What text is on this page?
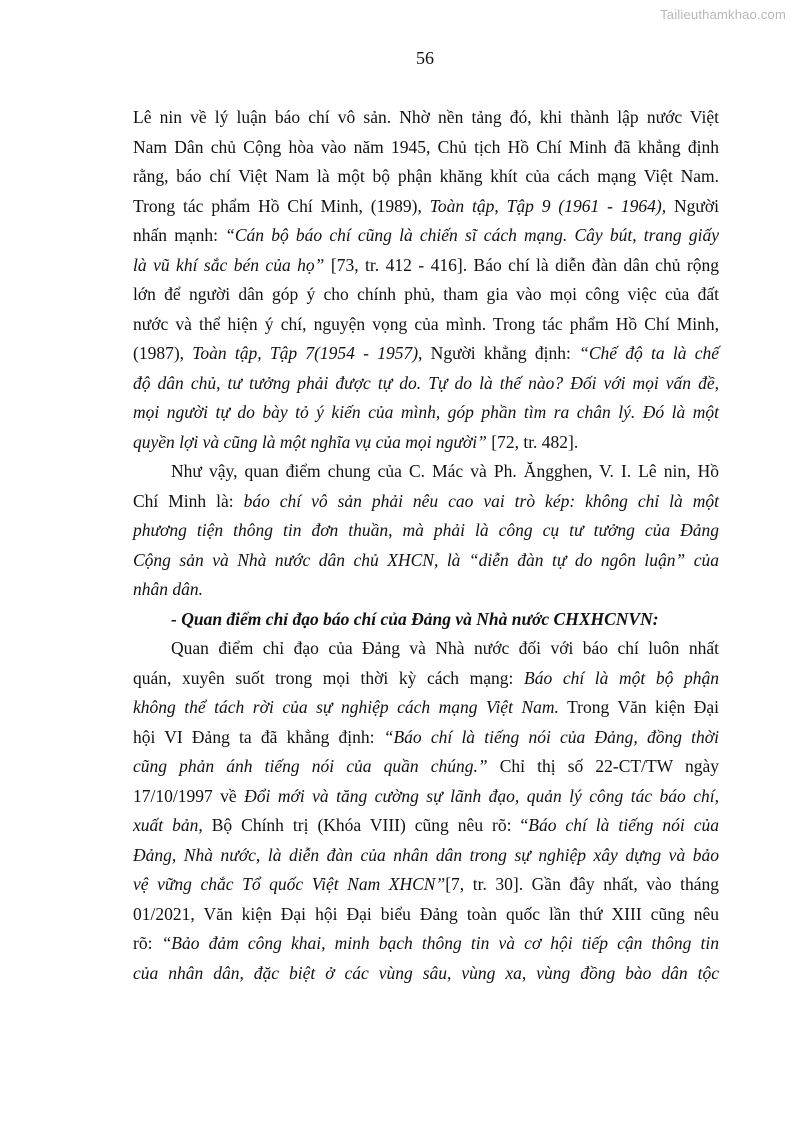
Tailieuthamkhao.com
56
Lê nin về lý luận báo chí vô sản. Nhờ nền tảng đó, khi thành lập nước Việt
Nam Dân chủ Cộng hòa vào năm 1945, Chủ tịch Hồ Chí Minh đã khẳng định
rằng, báo chí Việt Nam là một bộ phận khăng khít của cách mạng Việt Nam.
Trong tác phẩm Hồ Chí Minh, (1989), Toàn tập, Tập 9 (1961 - 1964), Người
nhấn mạnh: “Cán bộ báo chí cũng là chiến sĩ cách mạng. Cây bút, trang giấy
là vũ khí sắc bén của họ” [73, tr. 412 - 416]. Báo chí là diễn đàn dân chủ rộng
lớn để người dân góp ý cho chính phủ, tham gia vào mọi công việc của đất
nước và thể hiện ý chí, nguyện vọng của mình. Trong tác phẩm Hồ Chí Minh,
(1987), Toàn tập, Tập 7(1954 - 1957), Người khẳng định: “Chế độ ta là chế
độ dân chủ, tư tưởng phải được tự do. Tự do là thế nào? Đối với mọi vấn đề,
mọi người tự do bày tỏ ý kiến của mình, góp phần tìm ra chân lý. Đó là một
quyền lợi và cũng là một nghĩa vụ của mọi người” [72, tr. 482].
Như vậy, quan điểm chung của C. Mác và Ph. Ăngghen, V. I. Lê nin, Hồ
Chí Minh là: báo chí vô sản phải nêu cao vai trò kép: không chỉ là một
phương tiện thông tin đơn thuần, mà phải là công cụ tư tưởng của Đảng
Cộng sản và Nhà nước dân chủ XHCN, là “diễn đàn tự do ngôn luận” của
nhân dân.
- Quan điểm chỉ đạo báo chí của Đảng và Nhà nước CHXHCNVN:
Quan điểm chỉ đạo của Đảng và Nhà nước đối với báo chí luôn nhất
quán, xuyên suốt trong mọi thời kỳ cách mạng: Báo chí là một bộ phận
không thể tách rời của sự nghiệp cách mạng Việt Nam. Trong Văn kiện Đại
hội VI Đảng ta đã khẳng định: “Báo chí là tiếng nói của Đảng, đồng thời
cũng phản ánh tiếng nói của quần chúng.” Chỉ thị số 22-CT/TW ngày
17/10/1997 về Đổi mới và tăng cường sự lãnh đạo, quản lý công tác báo chí,
xuất bản, Bộ Chính trị (Khóa VIII) cũng nêu rõ: “Báo chí là tiếng nói của
Đảng, Nhà nước, là diễn đàn của nhân dân trong sự nghiệp xây dựng và bảo
vệ vững chắc Tổ quốc Việt Nam XHCN”[7, tr. 30]. Gần đây nhất, vào tháng
01/2021, Văn kiện Đại hội Đại biểu Đảng toàn quốc lần thứ XIII cũng nêu
rõ: “Bảo đảm công khai, minh bạch thông tin và cơ hội tiếp cận thông tin
của nhân dân, đặc biệt ở các vùng sâu, vùng xa, vùng đồng bào dân tộc
